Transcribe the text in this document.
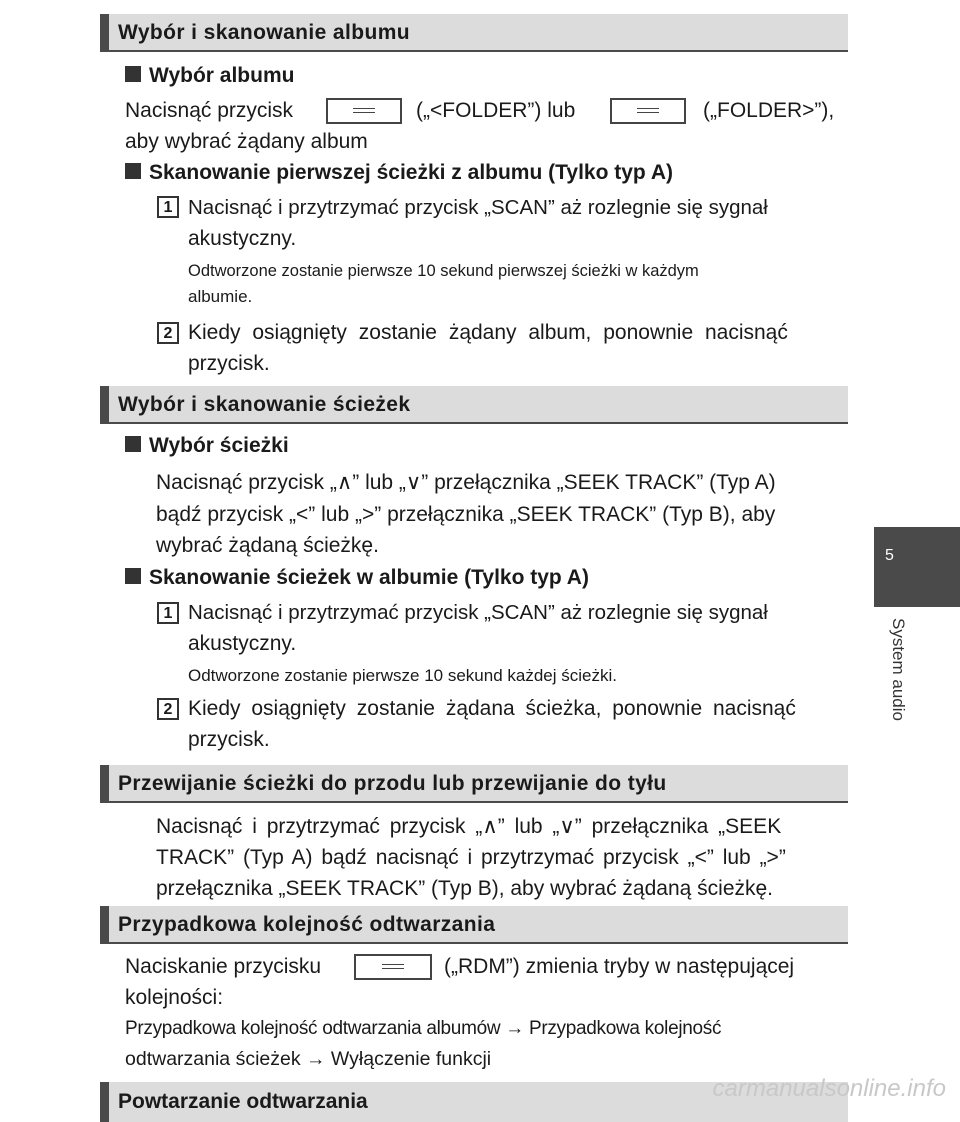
Wybór i skanowanie albumu
Wybór albumu
Nacisnąć przycisk	(„<FOLDER”) lub	(„FOLDER>”),
aby wybrać żądany album
Skanowanie pierwszej ścieżki z albumu (Tylko typ A)
1 Nacisnąć i przytrzymać przycisk „SCAN” aż rozlegnie się sygnał
akustyczny.
Odtworzone zostanie pierwsze 10 sekund pierwszej ścieżki w każdym
albumie.
2 Kiedy osiągnięty zostanie żądany album, ponownie nacisnąć
przycisk.
Wybór i skanowanie ścieżek
Wybór ścieżki
Nacisnąć przycisk „∧” lub „∨” przełącznika „SEEK TRACK” (Typ A)
bądź przycisk „<” lub „>” przełącznika „SEEK TRACK” (Typ B), aby
wybrać żądaną ścieżkę.
Skanowanie ścieżek w albumie (Tylko typ A)
1 Nacisnąć i przytrzymać przycisk „SCAN” aż rozlegnie się sygnał
akustyczny.
Odtworzone zostanie pierwsze 10 sekund każdej ścieżki.
2 Kiedy osiągnięty zostanie żądana ścieżka, ponownie nacisnąć
przycisk.
Przewijanie ścieżki do przodu lub przewijanie do tyłu
Nacisnąć i przytrzymać przycisk „∧” lub „∨” przełącznika „SEEK
TRACK” (Typ A) bądź nacisnąć i przytrzymać przycisk „<” lub „>”
przełącznika „SEEK TRACK” (Typ B), aby wybrać żądaną ścieżkę.
Przypadkowa kolejność odtwarzania
Naciskanie przycisku	(„RDM”) zmienia tryby w następującej
kolejności:
Przypadkowa kolejność odtwarzania albumów → Przypadkowa kolejność
odtwarzania ścieżek → Wyłączenie funkcji
Powtarzanie odtwarzania
5
System audio
carmanualsonline.info
